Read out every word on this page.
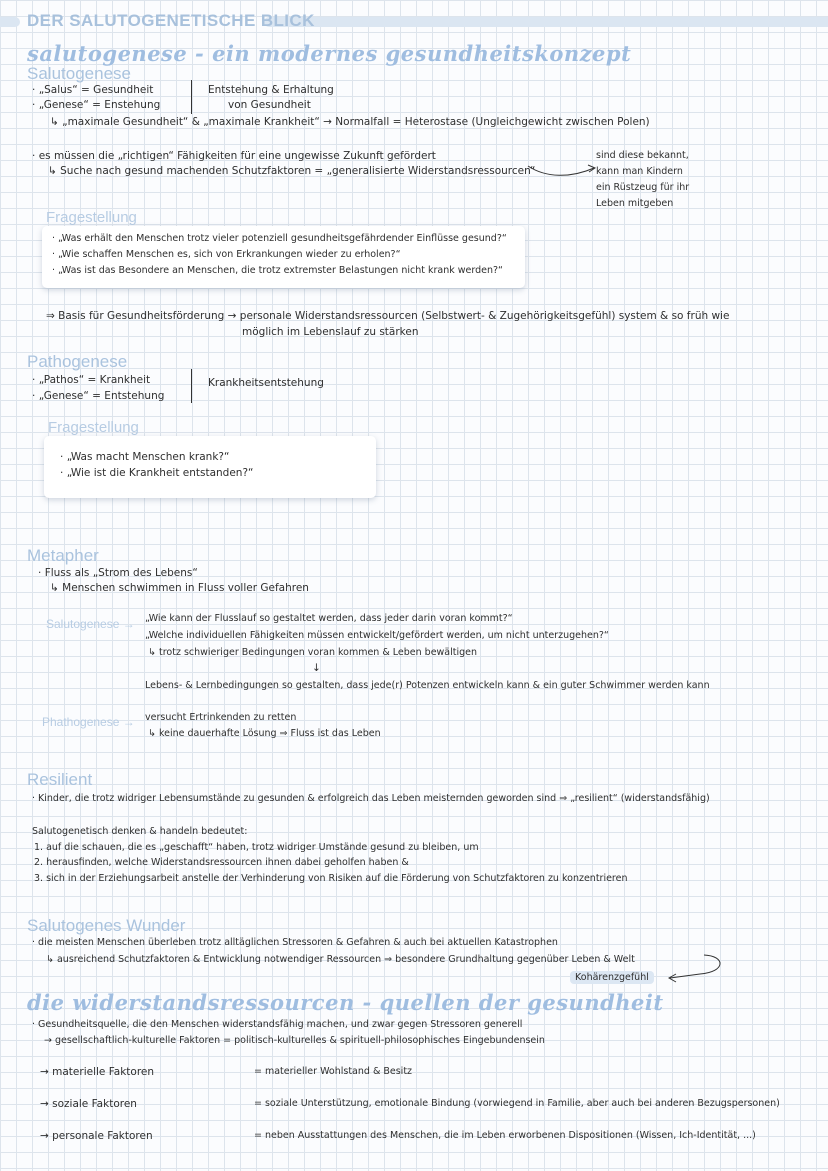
DER SALUTOGENETISCHE BLICK
salutogenese - ein modernes gesundheitskonzept
Salutogenese
· „Salus“ = Gesundheit
· „Genese“ = Enstehung
Entstehung & Erhaltung
von Gesundheit
↳ „maximale Gesundheit“ & „maximale Krankheit“ → Normalfall = Heterostase (Ungleichgewicht zwischen Polen)
· es müssen die „richtigen“ Fähigkeiten für eine ungewisse Zukunft gefördert
↳ Suche nach gesund machenden Schutzfaktoren = „generalisierte Widerstandsressourcen“
sind diese bekannt,
kann man Kindern
ein Rüstzeug für ihr
Leben mitgeben
Fragestellung
· „Was erhält den Menschen trotz vieler potenziell gesundheitsgefährdender Einflüsse gesund?“
· „Wie schaffen Menschen es, sich von Erkrankungen wieder zu erholen?“
· „Was ist das Besondere an Menschen, die trotz extremster Belastungen nicht krank werden?“
⇒ Basis für Gesundheitsförderung → personale Widerstandsressourcen (Selbstwert- & Zugehörigkeitsgefühl) system & so früh wie
möglich im Lebenslauf zu stärken
Pathogenese
· „Pathos“ = Krankheit
· „Genese“ = Entstehung
Krankheitsentstehung
Fragestellung
· „Was macht Menschen krank?“
· „Wie ist die Krankheit entstanden?“
Metapher
· Fluss als „Strom des Lebens“
↳ Menschen schwimmen in Fluss voller Gefahren
Salutogenese → „Wie kann der Flusslauf so gestaltet werden, dass jeder darin voran kommt?“
„Welche individuellen Fähigkeiten müssen entwickelt/gefördert werden, um nicht unterzugehen?“
↳ trotz schwieriger Bedingungen voran kommen & Leben bewältigen
↓
Lebens- & Lernbedingungen so gestalten, dass jede(r) Potenzen entwickeln kann & ein guter Schwimmer werden kann
Phathogenese → versucht Ertrinkenden zu retten
↳ keine dauerhafte Lösung ⇒ Fluss ist das Leben
Resilient
· Kinder, die trotz widriger Lebensumstände zu gesunden & erfolgreich das Leben meisternden geworden sind ⇒ „resilient“ (widerstandsfähig)
Salutogenetisch denken & handeln bedeutet:
1. auf die schauen, die es „geschafft“ haben, trotz widriger Umstände gesund zu bleiben, um
2. herausfinden, welche Widerstandsressourcen ihnen dabei geholfen haben &
3. sich in der Erziehungsarbeit anstelle der Verhinderung von Risiken auf die Förderung von Schutzfaktoren zu konzentrieren
Salutogenes Wunder
· die meisten Menschen überleben trotz alltäglichen Stressoren & Gefahren & auch bei aktuellen Katastrophen
↳ ausreichend Schutzfaktoren & Entwicklung notwendiger Ressourcen ⇒ besondere Grundhaltung gegenüber Leben & Welt
Kohärenzgefühl
die widerstandsressourcen - quellen der gesundheit
· Gesundheitsquelle, die den Menschen widerstandsfähig machen, und zwar gegen Stressoren generell
→ gesellschaftlich-kulturelle Faktoren = politisch-kulturelles & spirituell-philosophisches Eingebundensein
→ materielle Faktoren	= materieller Wohlstand & Besitz
→ soziale Faktoren	= soziale Unterstützung, emotionale Bindung (vorwiegend in Familie, aber auch bei anderen Bezugspersonen)
→ personale Faktoren	= neben Ausstattungen des Menschen, die im Leben erworbenen Dispositionen (Wissen, Ich-Identität, ...)
